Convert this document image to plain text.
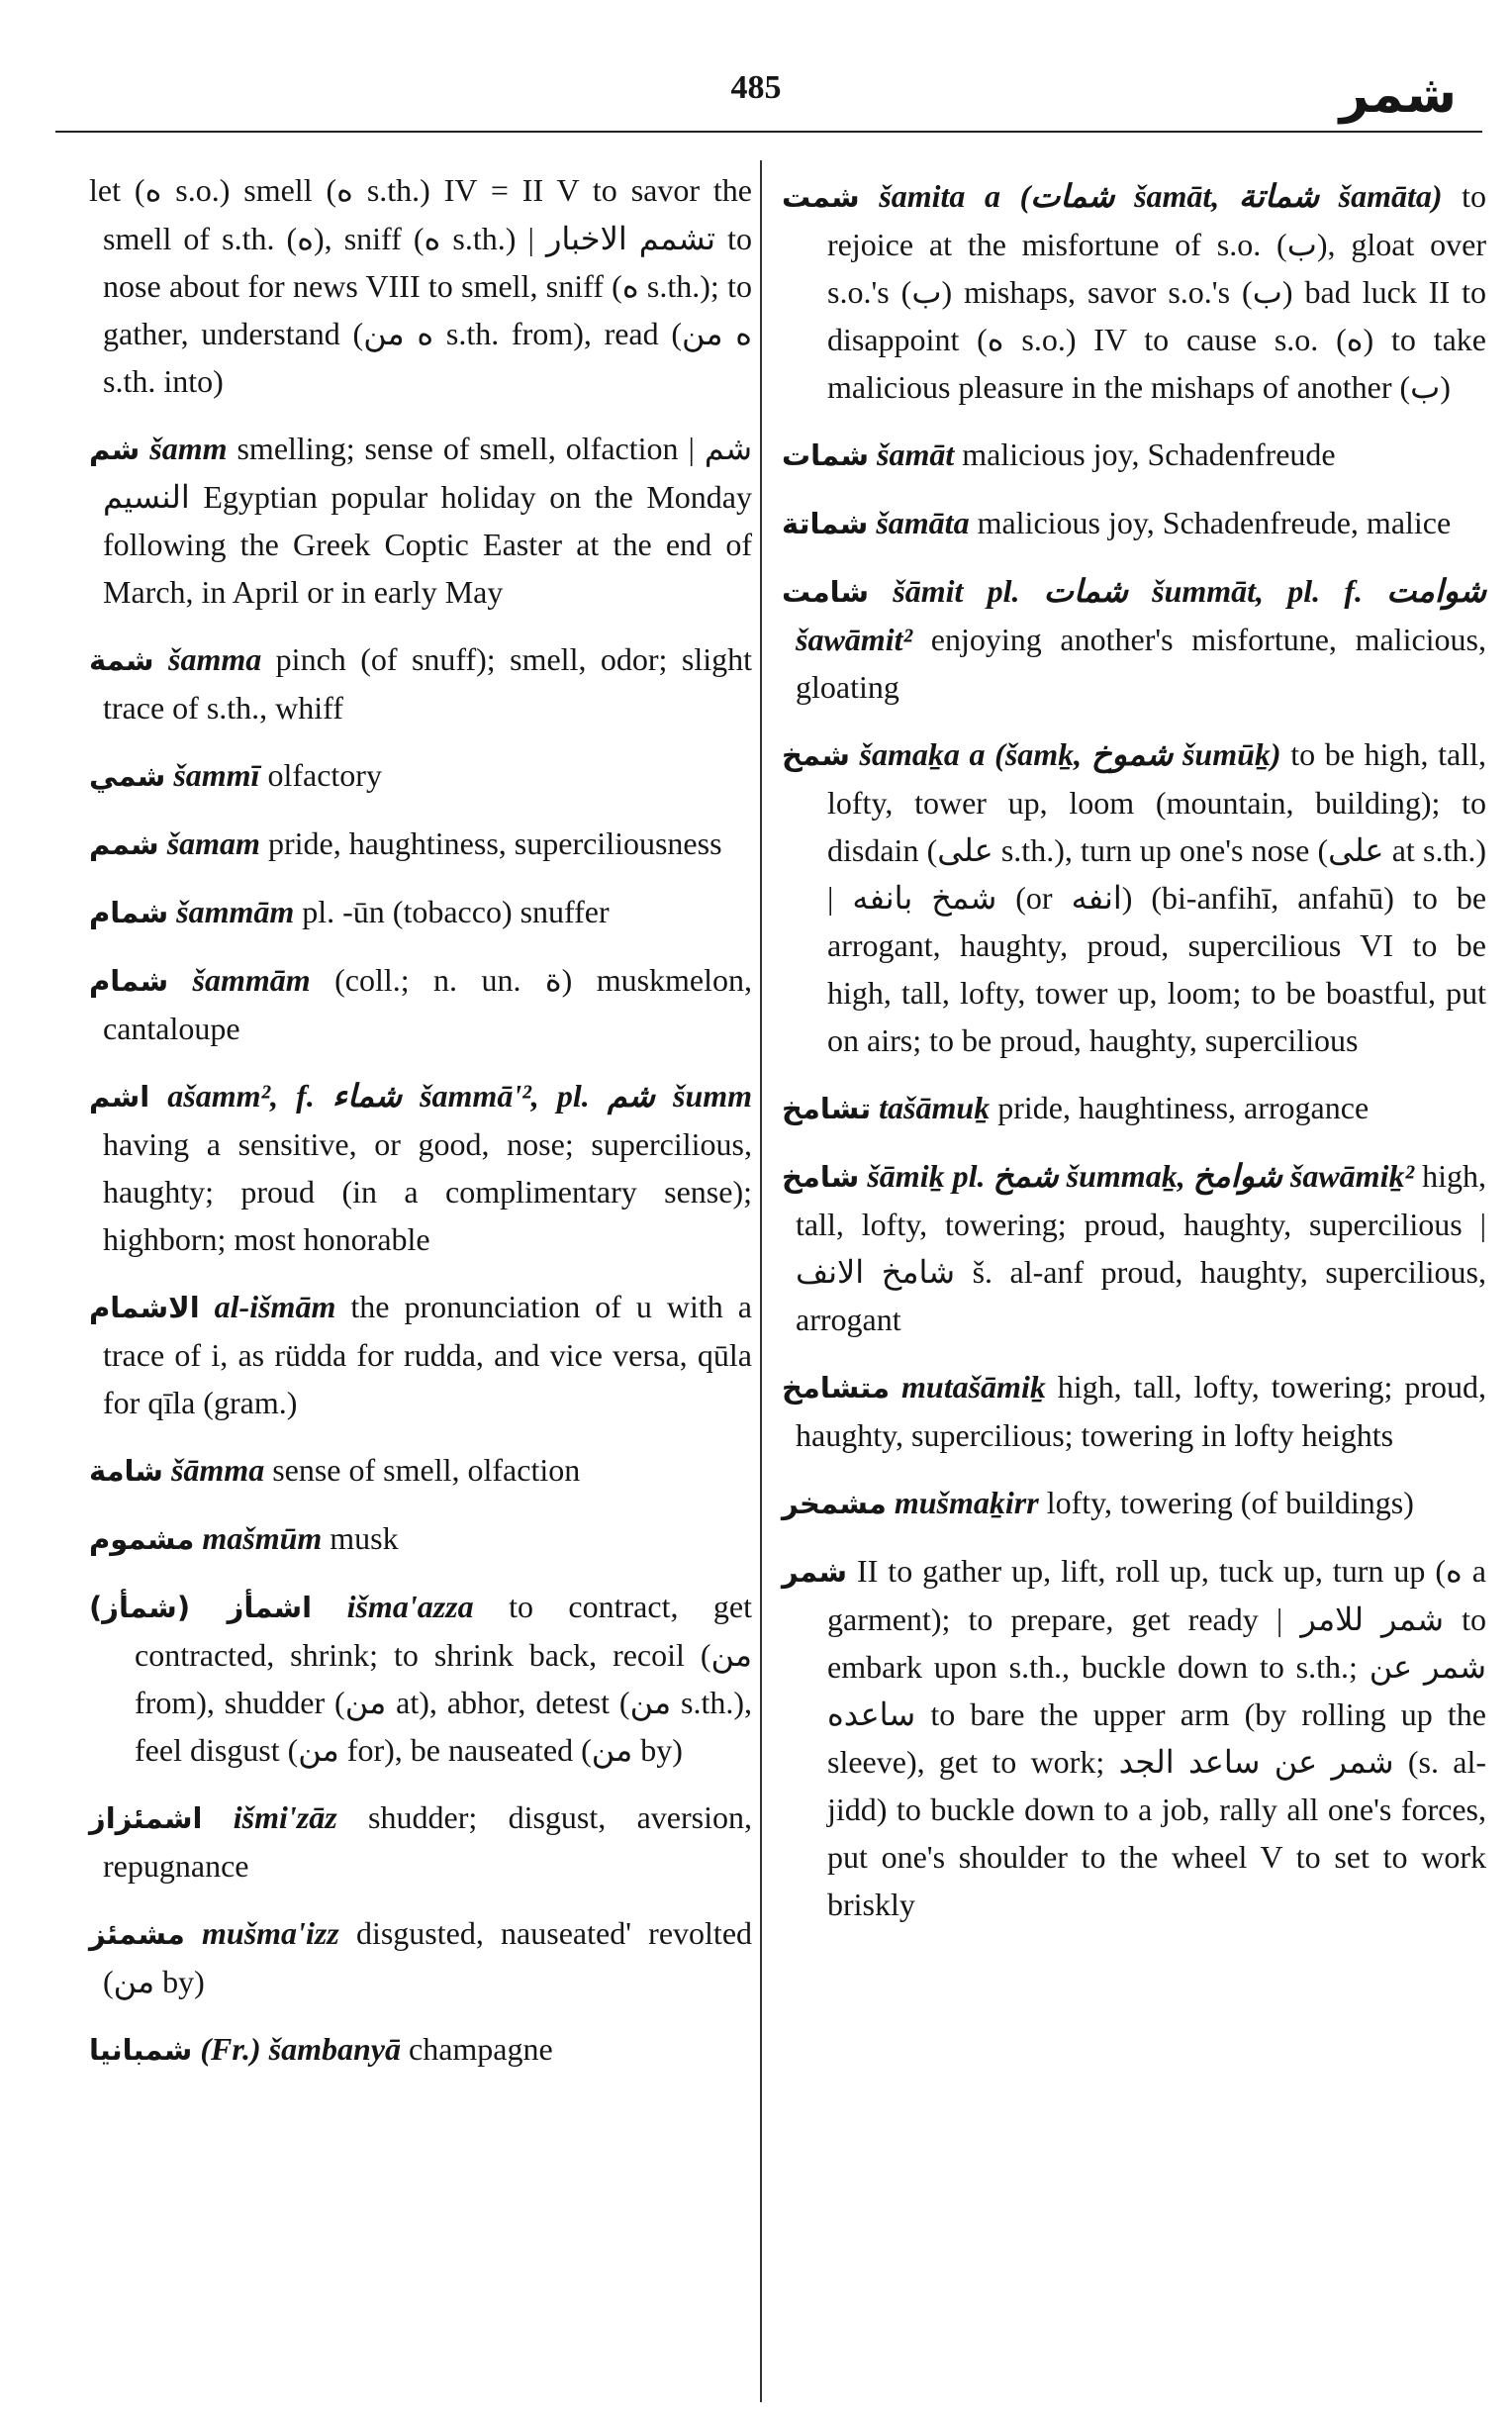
485	شمر

let (ه s.o.) smell (ه s.th.) IV = II V to savor the smell of s.th. (ه), sniff (ه s.th.) | تشمم الاخبار to nose about for news VIII to smell, sniff (ه s.th.); to gather, understand (ه من s.th. from), read (ه من s.th. into)

شم šamm smelling; sense of smell, olfaction | شم النسيم Egyptian popular holiday on the Monday following the Greek Coptic Easter at the end of March, in April or in early May

شمة šamma pinch (of snuff); smell, odor; slight trace of s.th., whiff

شمي šammī olfactory

شمم šamam pride, haughtiness, superciliousness

شمام šammām pl. -ūn (tobacco) snuffer

شمام šammām (coll.; n. un. ة) muskmelon, cantaloupe

اشم ašamm², f. شماء šammā'², pl. شم šumm having a sensitive, or good, nose; supercilious, haughty; proud (in a complimentary sense); highborn; most honorable

الاشمام al-išmām the pronunciation of u with a trace of i, as rüdda for rudda, and vice versa, qūla for qīla (gram.)

شامة šāmma sense of smell, olfaction

مشموم mašmūm musk

(شمأز) اشمأز išma'azza to contract, get contracted, shrink; to shrink back, recoil (من from), shudder (من at), abhor, detest (من s.th.), feel disgust (من for), be nauseated (من by)

اشمئزاز išmi'zāz shudder; disgust, aversion, repugnance

مشمئز mušma'izz disgusted, nauseated' revolted (من by)

شمبانيا (Fr.) šambanyā champagne

شمت šamita a (شمات šamāt, شماتة šamāta) to rejoice at the misfortune of s.o. (ب), gloat over s.o.'s (ب) mishaps, savor s.o.'s (ب) bad luck II to disappoint (ه s.o.) IV to cause s.o. (ه) to take malicious pleasure in the mishaps of another (ب)

شمات šamāt malicious joy, Schadenfreude

شماتة šamāta malicious joy, Schadenfreude, malice

شامت šāmit pl. شمات šummāt, pl. f. شوامت šawāmit² enjoying another's misfortune, malicious, gloating

شمخ šamaḵa a (šamḵ, شموخ šumūḵ) to be high, tall, lofty, tower up, loom (mountain, building); to disdain (على s.th.), turn up one's nose (على at s.th.) | شمخ بانفه (or انفه) (bi-anfihī, anfahū) to be arrogant, haughty, proud, supercilious VI to be high, tall, lofty, tower up, loom; to be boastful, put on airs; to be proud, haughty, supercilious

تشامخ tašāmuḵ pride, haughtiness, arrogance

شامخ šāmiḵ pl. شمخ šummaḵ, شوامخ šawāmiḵ² high, tall, lofty, towering; proud, haughty, supercilious | شامخ الانف š. al-anf proud, haughty, supercilious, arrogant

متشامخ mutašāmiḵ high, tall, lofty, towering; proud, haughty, supercilious; towering in lofty heights

مشمخر mušmaḵirr lofty, towering (of buildings)

شمر II to gather up, lift, roll up, tuck up, turn up (ه a garment); to prepare, get ready | شمر للامر to embark upon s.th., buckle down to s.th.; شمر عن ساعده to bare the upper arm (by rolling up the sleeve), get to work; شمر عن ساعد الجد (s. al-jidd) to buckle down to a job, rally all one's forces, put one's shoulder to the wheel V to set to work briskly
